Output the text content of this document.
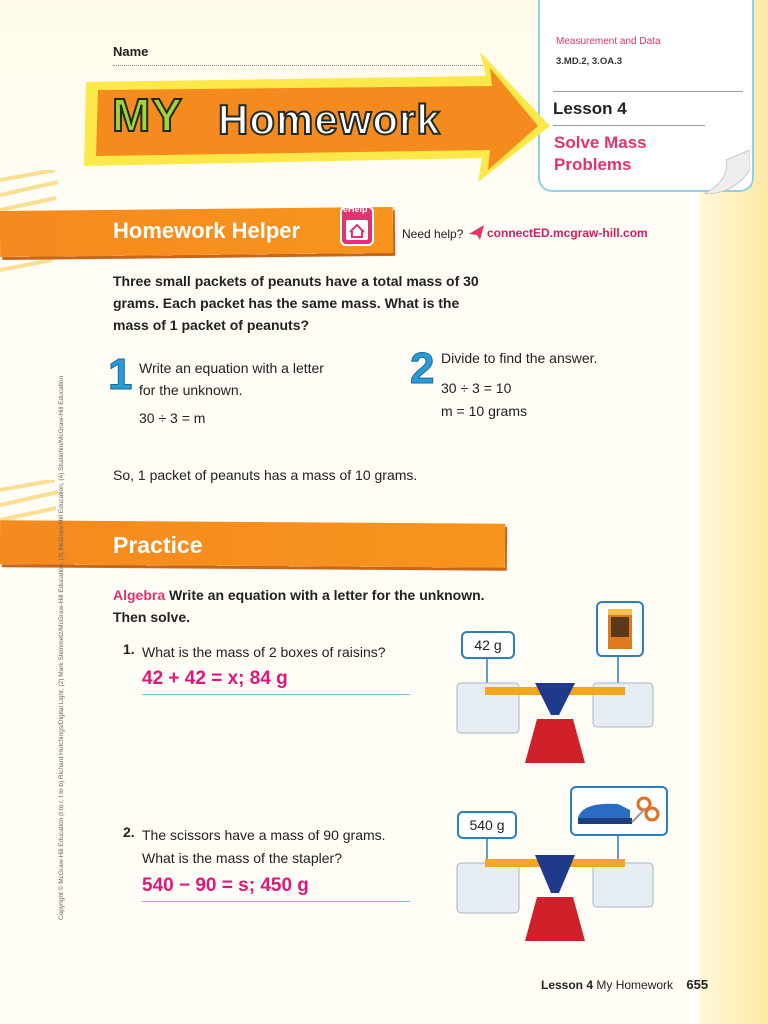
Name
Measurement and Data
3.MD.2, 3.OA.3
Lesson 4
Solve Mass Problems
MY Homework
Homework Helper
eHelp
Need help? connectED.mcgraw-hill.com
Three small packets of peanuts have a total mass of 30 grams. Each packet has the same mass. What is the mass of 1 packet of peanuts?
1 Write an equation with a letter for the unknown.
30 ÷ 3 = m
2 Divide to find the answer.
30 ÷ 3 = 10
m = 10 grams
So, 1 packet of peanuts has a mass of 10 grams.
Practice
Algebra Write an equation with a letter for the unknown. Then solve.
1. What is the mass of 2 boxes of raisins?
42 + 42 = x; 84 g
2. The scissors have a mass of 90 grams. What is the mass of the stapler?
540 − 90 = s; 450 g
42 g
540 g
Copyright © McGraw-Hill Education (t to r, t to b) Richard Hutchings/Digital Light, (2) Mark Steinmetz/McGraw-Hill Education, (3) McGraw-Hill Education, (4) Studiohio/McGraw-Hill Education
Lesson 4 My Homework 655
